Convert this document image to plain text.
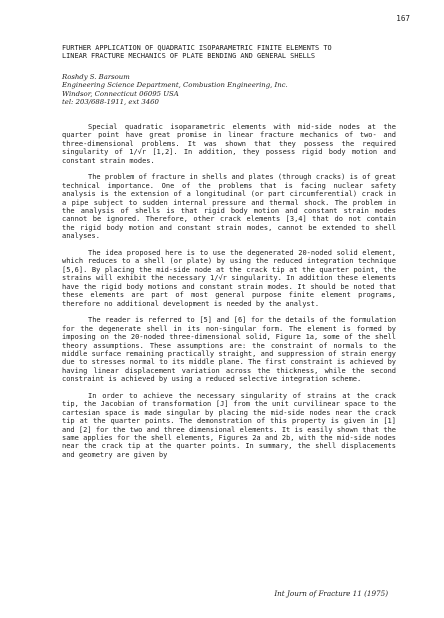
167
FURTHER APPLICATION OF QUADRATIC ISOPARAMETRIC FINITE ELEMENTS TO
LINEAR FRACTURE MECHANICS OF PLATE BENDING AND GENERAL SHELLS
Roshdy S. Barsoum
Engineering Science Department, Combustion Engineering, Inc.
Windsor, Connecticut 06095 USA
tel: 203/688-1911, ext 3460

Special quadratic isoparametric elements with mid-side nodes at the quarter point have great promise in linear fracture mechanics of two- and three-dimensional problems. It was shown that they possess the required singularity of 1/√r [1,2]. In addition, they possess rigid body motion and constant strain modes.

The problem of fracture in shells and plates (through cracks) is of great technical importance. One of the problems that is facing nuclear safety analysis is the extension of a longitudinal (or part circumferential) crack in a pipe subject to sudden internal pressure and thermal shock. The problem in the analysis of shells is that rigid body motion and constant strain modes cannot be ignored. Therefore, other crack elements [3,4] that do not contain the rigid body motion and constant strain modes, cannot be extended to shell analyses.

The idea proposed here is to use the degenerated 20-noded solid element, which reduces to a shell (or plate) by using the reduced integration technique [5,6]. By placing the mid-side node at the crack tip at the quarter point, the strains will exhibit the necessary 1/√r singularity. In addition these elements have the rigid body motions and constant strain modes. It should be noted that these elements are part of most general purpose finite element programs, therefore no additional development is needed by the analyst.

The reader is referred to [5] and [6] for the details of the formulation for the degenerate shell in its non-singular form. The element is formed by imposing on the 20-noded three-dimensional solid, Figure 1a, some of the shell theory assumptions. These assumptions are: the constraint of normals to the middle surface remaining practically straight, and suppression of strain energy due to stresses normal to its middle plane. The first constraint is achieved by having linear displacement variation across the thickness, while the second constraint is achieved by using a reduced selective integration scheme.

In order to achieve the necessary singularity of strains at the crack tip, the Jacobian of transformation [J] from the unit curvilinear space to the cartesian space is made singular by placing the mid-side nodes near the crack tip at the quarter points. The demonstration of this property is given in [1] and [2] for the two and three dimensional elements. It is easily shown that the same applies for the shell elements, Figures 2a and 2b, with the mid-side nodes near the crack tip at the quarter points. In summary, the shell displacements and geometry are given by

Int Journ of Fracture 11 (1975)
